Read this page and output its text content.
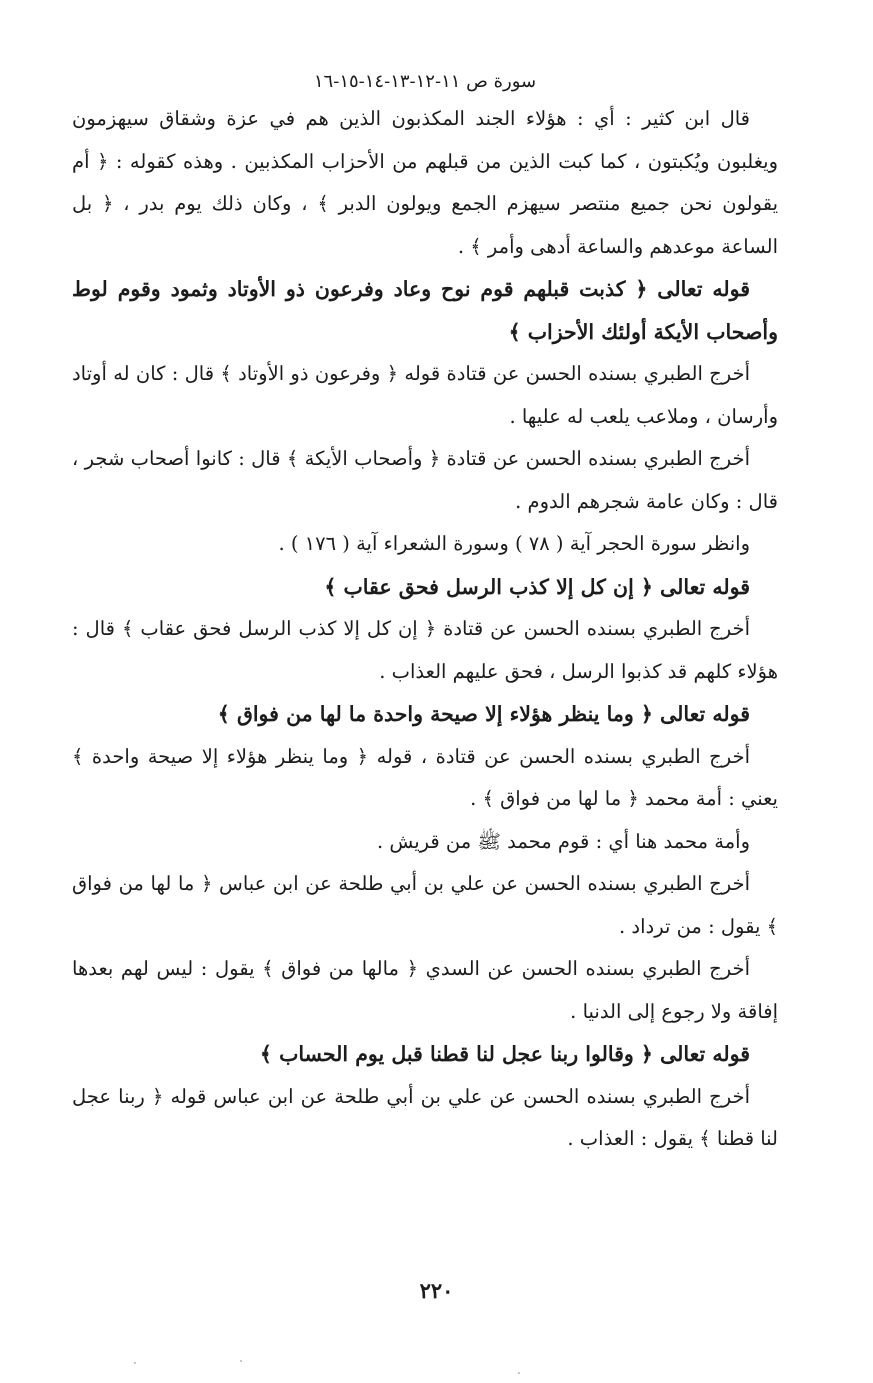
سورة ص ١١-١٢-١٣-١٤-١٥-١٦

قال ابن كثير : أي : هؤلاء الجند المكذبون الذين هم في عزة وشقاق سيهزمون ويغلبون ويُكبتون ، كما كبت الذين من قبلهم من الأحزاب المكذبين . وهذه كقوله : ﴿ أم يقولون نحن جميع منتصر سيهزم الجمع ويولون الدبر ﴾ ، وكان ذلك يوم بدر ، ﴿ بل الساعة موعدهم والساعة أدهى وأمر ﴾ .

قوله تعالى ﴿ كذبت قبلهم قوم نوح وعاد وفرعون ذو الأوتاد وثمود وقوم لوط وأصحاب الأيكة أولئك الأحزاب ﴾

أخرج الطبري بسنده الحسن عن قتادة قوله ﴿ وفرعون ذو الأوتاد ﴾ قال : كان له أوتاد وأرسان ، وملاعب يلعب له عليها .

أخرج الطبري بسنده الحسن عن قتادة ﴿ وأصحاب الأيكة ﴾ قال : كانوا أصحاب شجر ، قال : وكان عامة شجرهم الدوم .

وانظر سورة الحجر آية ( ٧٨ ) وسورة الشعراء آية ( ١٧٦ ) .

قوله تعالى ﴿ إن كل إلا كذب الرسل فحق عقاب ﴾

أخرج الطبري بسنده الحسن عن قتادة ﴿ إن كل إلا كذب الرسل فحق عقاب ﴾ قال : هؤلاء كلهم قد كذبوا الرسل ، فحق عليهم العذاب .

قوله تعالى ﴿ وما ينظر هؤلاء إلا صيحة واحدة ما لها من فواق ﴾

أخرج الطبري بسنده الحسن عن قتادة ، قوله ﴿ وما ينظر هؤلاء إلا صيحة واحدة ﴾ يعني : أمة محمد ﴿ ما لها من فواق ﴾ .

وأمة محمد هنا أي : قوم محمد ﷺ من قريش .

أخرج الطبري بسنده الحسن عن علي بن أبي طلحة عن ابن عباس ﴿ ما لها من فواق ﴾ يقول : من ترداد .

أخرج الطبري بسنده الحسن عن السدي ﴿ مالها من فواق ﴾ يقول : ليس لهم بعدها إفاقة ولا رجوع إلى الدنيا .

قوله تعالى ﴿ وقالوا ربنا عجل لنا قطنا قبل يوم الحساب ﴾

أخرج الطبري بسنده الحسن عن علي بن أبي طلحة عن ابن عباس قوله ﴿ ربنا عجل لنا قطنا ﴾ يقول : العذاب .

٢٢٠
